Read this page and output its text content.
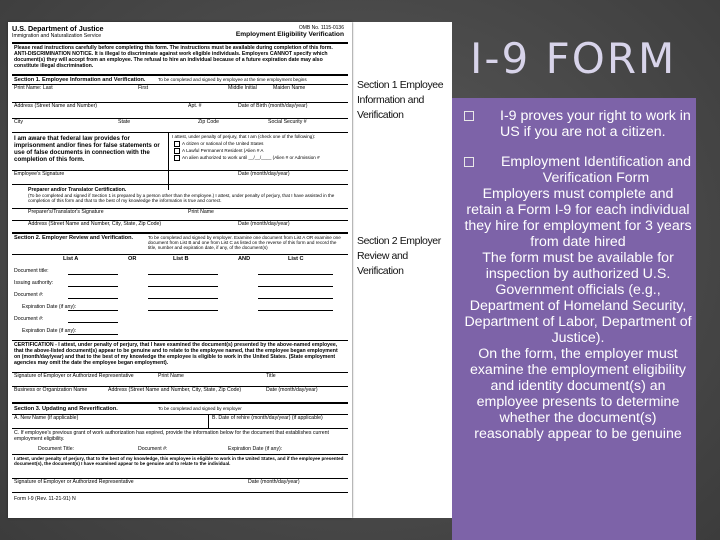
I-9 FORM
U.S. Department of Justice
Immigration and Naturalization Service
OMB No. 1115-0136
Employment Eligibility Verification
Please read instructions carefully before completing this form. The instructions must be available during completion of this form. ANTI-DISCRIMINATION NOTICE. It is illegal to discriminate against work eligible individuals. Employers CANNOT specify which document(s) they will accept from an employee. The refusal to hire an individual because of a future expiration date may also constitute illegal discrimination.
Section 1. Employee Information and Verification.	To be completed and signed by employee at the time employment begins
Print Name: Last	First	Middle Initial	Maiden Name
Address (Street Name and Number)	Apt. #	Date of Birth (month/day/year)
City	State	Zip Code	Social Security #
I am aware that federal law provides for imprisonment and/or fines for false statements or use of false documents in connection with the completion of this form.
I attest, under penalty of perjury, that I am (check one of the following):
A citizen or national of the United States
A Lawful Permanent Resident (Alien # A
An alien authorized to work until __/__/____ (Alien # or Admission #
Employee's Signature	Date (month/day/year)
Preparer and/or Translator Certification.
(To be completed and signed if Section 1 is prepared by a person other than the employee.) I attest, under penalty of perjury, that I have assisted in the completion of this form and that to the best of my knowledge the information is true and correct.
Preparer's/Translator's Signature	Print Name
Address (Street Name and Number, City, State, Zip Code)	Date (month/day/year)
Section 2. Employer Review and Verification.	To be completed and signed by employer. Examine one document from List A OR examine one document from List B and one from List C as listed on the reverse of this form and record the title, number and expiration date, if any, of the document(s)
List A	OR	List B	AND	List C
Document title:
Issuing authority:
Document #:
Expiration Date (if any):
Document #:
Expiration Date (if any):
CERTIFICATION - I attest, under penalty of perjury, that I have examined the document(s) presented by the above-named employee, that the above-listed document(s) appear to be genuine and to relate to the employee named, that the employee began employment on (month/day/year) and that to the best of my knowledge the employee is eligible to work in the United States. (State employment agencies may omit the date the employee began employment).
Signature of Employer or Authorized Representative	Print Name	Title
Business or Organization Name	Address (Street Name and Number, City, State, Zip Code)	Date (month/day/year)
Section 3. Updating and Reverification.	To be completed and signed by employer
A. New Name (if applicable)	B. Date of rehire (month/day/year) (if applicable)
C. If employee's previous grant of work authorization has expired, provide the information below for the document that establishes current employment eligibility.
Document Title:	Document #:	Expiration Date (if any):
I attest, under penalty of perjury, that to the best of my knowledge, this employee is eligible to work in the United States, and if the employee presented document(s), the document(s) I have examined appear to be genuine and to relate to the individual.
Signature of Employer or Authorized Representative	Date (month/day/year)
Form I-9 (Rev. 11-21-91) N
Section 1 Employee Information and Verification
Section 2 Employer Review and Verification
I-9 proves your right to work in US if you are not a citizen.
Employment Identification and Verification Form

Employers must complete and retain a Form I-9 for each individual they hire for employment for 3 years from date hired

The form must be available for inspection by authorized U.S. Government officials (e.g., Department of Homeland Security, Department of Labor, Department of Justice).

On the form, the employer must examine the employment eligibility and identity document(s) an employee presents to determine whether the document(s) reasonably appear to be genuine
